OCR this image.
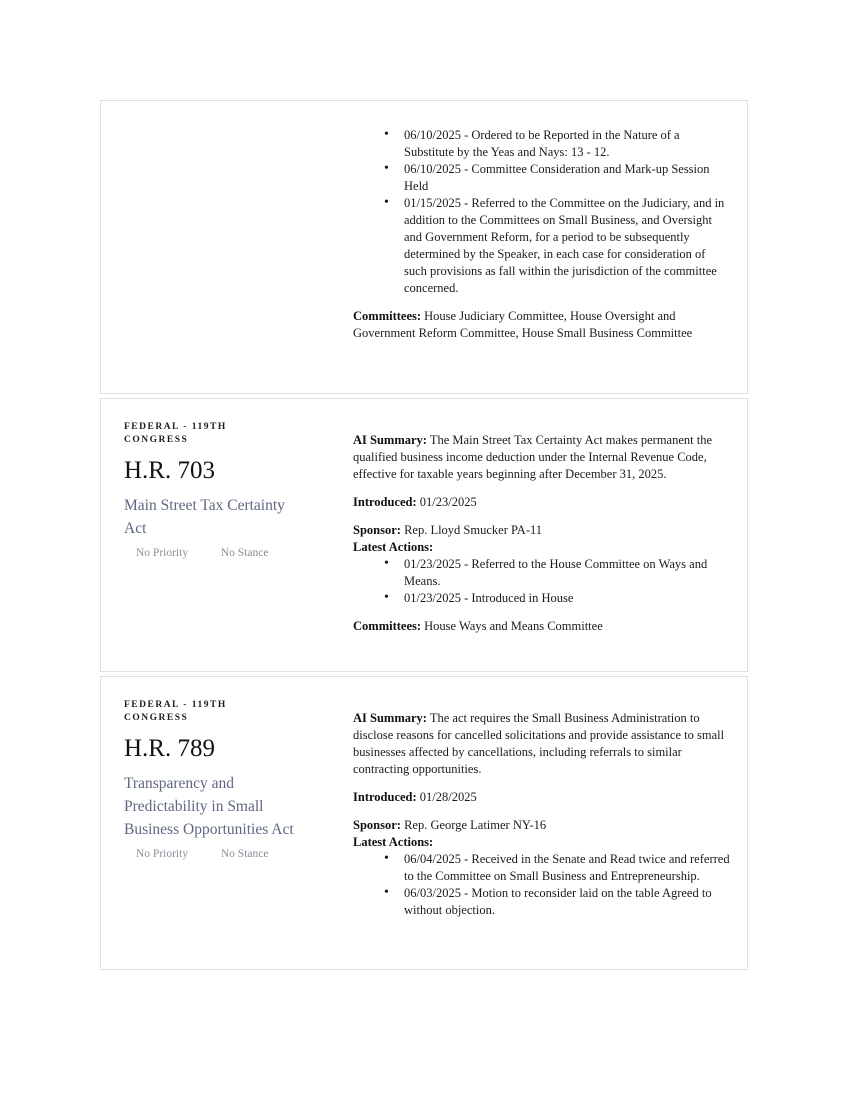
• 06/10/2025 - Ordered to be Reported in the Nature of a Substitute by the Yeas and Nays: 13 - 12.
• 06/10/2025 - Committee Consideration and Mark-up Session Held
• 01/15/2025 - Referred to the Committee on the Judiciary, and in addition to the Committees on Small Business, and Oversight and Government Reform, for a period to be subsequently determined by the Speaker, in each case for consideration of such provisions as fall within the jurisdiction of the committee concerned.

Committees: House Judiciary Committee, House Oversight and Government Reform Committee, House Small Business Committee

FEDERAL - 119TH CONGRESS
H.R. 703
Main Street Tax Certainty Act
No Priority	No Stance

AI Summary: The Main Street Tax Certainty Act makes permanent the qualified business income deduction under the Internal Revenue Code, effective for taxable years beginning after December 31, 2025.

Introduced: 01/23/2025

Sponsor: Rep. Lloyd Smucker PA-11

Latest Actions:

• 01/23/2025 - Referred to the House Committee on Ways and Means.
• 01/23/2025 - Introduced in House

Committees: House Ways and Means Committee

FEDERAL - 119TH CONGRESS
H.R. 789
Transparency and Predictability in Small Business Opportunities Act
No Priority	No Stance

AI Summary: The act requires the Small Business Administration to disclose reasons for cancelled solicitations and provide assistance to small businesses affected by cancellations, including referrals to similar contracting opportunities.

Introduced: 01/28/2025

Sponsor: Rep. George Latimer NY-16

Latest Actions:

• 06/04/2025 - Received in the Senate and Read twice and referred to the Committee on Small Business and Entrepreneurship.
• 06/03/2025 - Motion to reconsider laid on the table Agreed to without objection.
